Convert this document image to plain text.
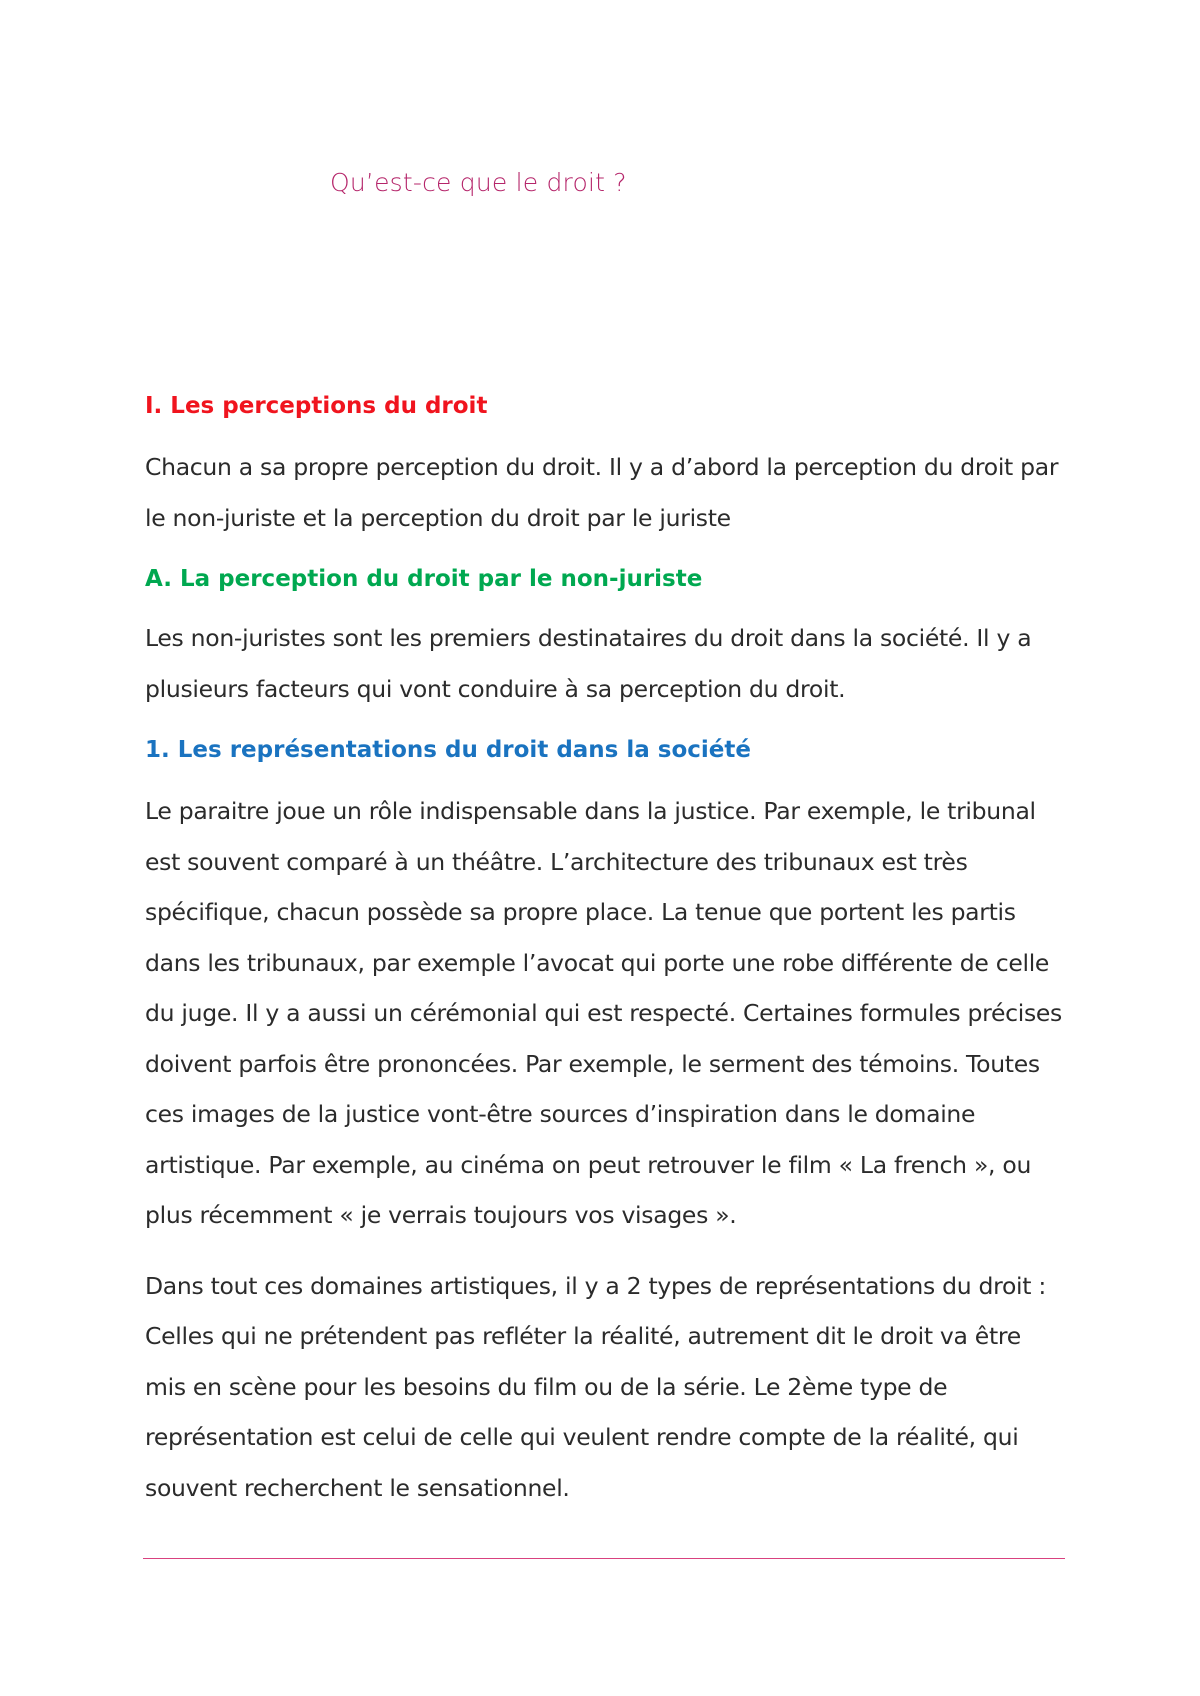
Qu’est-ce que le droit ?
I. Les perceptions du droit

Chacun a sa propre perception du droit. Il y a d’abord la perception du droit par le non-juriste et la perception du droit par le juriste

A. La perception du droit par le non-juriste

Les non-juristes sont les premiers destinataires du droit dans la société. Il y a plusieurs facteurs qui vont conduire à sa perception du droit.

1. Les représentations du droit dans la société

Le paraitre joue un rôle indispensable dans la justice. Par exemple, le tribunal est souvent comparé à un théâtre. L’architecture des tribunaux est très spécifique, chacun possède sa propre place. La tenue que portent les partis dans les tribunaux, par exemple l’avocat qui porte une robe différente de celle du juge. Il y a aussi un cérémonial qui est respecté. Certaines formules précises doivent parfois être prononcées. Par exemple, le serment des témoins. Toutes ces images de la justice vont-être sources d’inspiration dans le domaine artistique. Par exemple, au cinéma on peut retrouver le film « La french », ou plus récemment « je verrais toujours vos visages ».

Dans tout ces domaines artistiques, il y a 2 types de représentations du droit : Celles qui ne prétendent pas refléter la réalité, autrement dit le droit va être mis en scène pour les besoins du film ou de la série. Le 2ème type de représentation est celui de celle qui veulent rendre compte de la réalité, qui souvent recherchent le sensationnel.
